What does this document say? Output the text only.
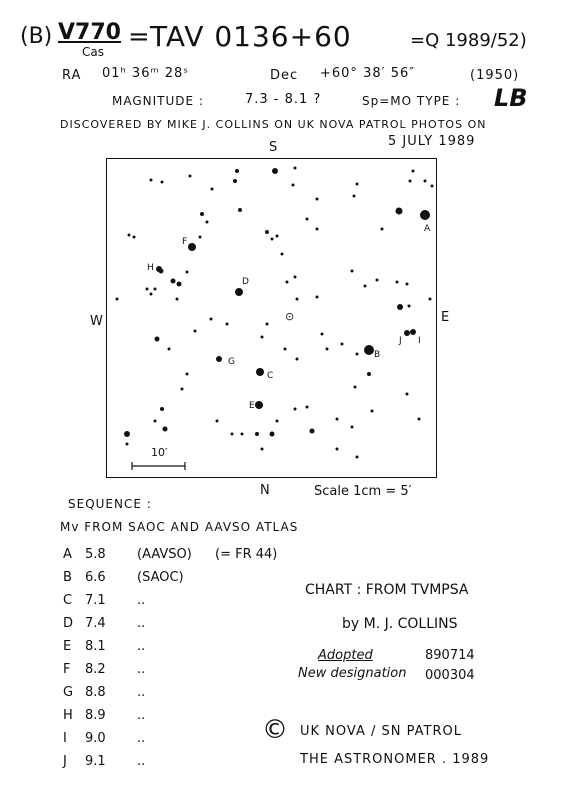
(B) V770
Cas = TAV 0136+60	=Q 1989/52)
RA 01ʰ 36ᵐ 28ˢ	Dec +60° 38′ 56″	(1950)
MAGNITUDE :	7.3 - 8.1 ?	Sp=MO TYPE : LB
DISCOVERED BY MIKE J. COLLINS ON UK NOVA PATROL PHOTOS ON
5 JULY 1989
S
N
W	E
A
B
C
D
E
F
G
H
I
J
⊙
10′
Scale 1cm = 5′
SEQUENCE :
Mv FROM SAOC AND AAVSO ATLAS
A 5.8 (AAVSO) (= FR 44)
B 6.6 (SAOC)
C 7.1 ..
D 7.4 ..
E 8.1 ..
F 8.2 ..
G 8.8 ..
H 8.9 ..
I 9.0 ..
J 9.1 ..
CHART : FROM TVMPSA
by M. J. COLLINS
Adopted	890714
New designation 000304
© UK NOVA / SN PATROL
THE ASTRONOMER . 1989
